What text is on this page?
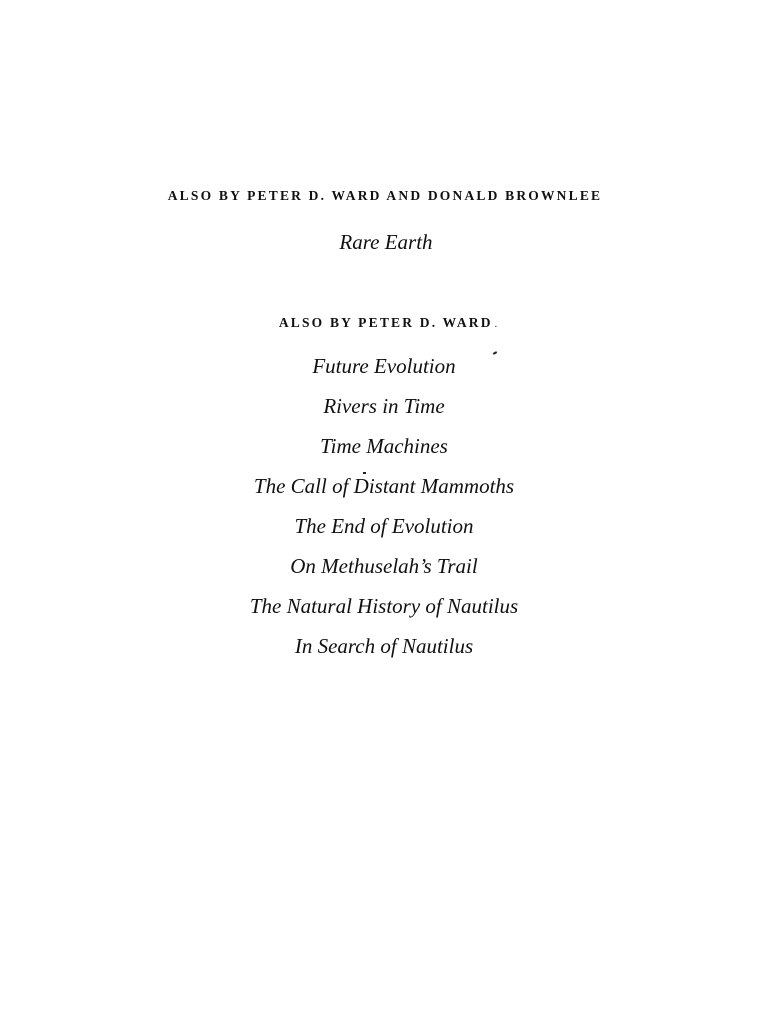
ALSO BY PETER D. WARD AND DONALD BROWNLEE
Rare Earth
ALSO BY PETER D. WARD .
Future Evolution
Rivers in Time
Time Machines
The Call of Distant Mammoths
The End of Evolution
On Methuselah’s Trail
The Natural History of Nautilus
In Search of Nautilus
